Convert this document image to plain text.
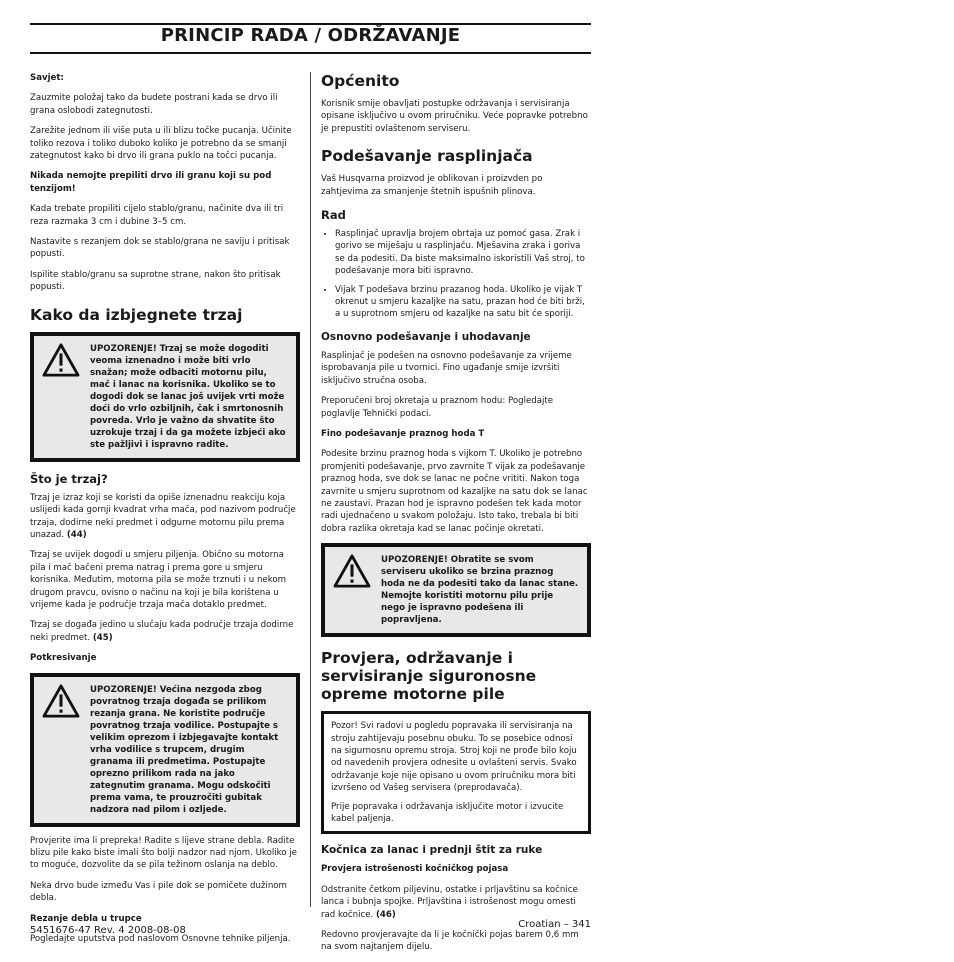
PRINCIP RADA / ODRŽAVANJE

Savjet:

Zauzmite položaj tako da budete postrani kada se drvo ili grana oslobodi zategnutosti.

Zarežite jednom ili više puta u ili blizu točke pucanja. Učinite toliko rezova i toliko duboko koliko je potrebno da se smanji zategnutost kako bi drvo ili grana puklo na točci pucanja.

Nikada nemojte prepiliti drvo ili granu koji su pod tenzijom!

Kada trebate propiliti cijelo stablo/granu, načinite dva ili tri reza razmaka 3 cm i dubine 3–5 cm.

Nastavite s rezanjem dok se stablo/grana ne saviju i pritisak popusti.

Ispilite stablo/granu sa suprotne strane, nakon što pritisak popusti.

Kako da izbjegnete trzaj

UPOZORENJE! Trzaj se može dogoditi veoma iznenadno i može biti vrlo snažan; može odbaciti motornu pilu, mač i lanac na korisnika. Ukoliko se to dogodi dok se lanac još uvijek vrti može doći do vrlo ozbiljnih, čak i smrtonosnih povreda. Vrlo je važno da shvatite što uzrokuje trzaj i da ga možete izbjeći ako ste pažljivi i ispravno radite.

Što je trzaj?

Trzaj je izraz koji se koristi da opiše iznenadnu reakciju koja uslijedi kada gornji kvadrat vrha mača, pod nazivom područje trzaja, dodirne neki predmet i odgurne motornu pilu prema unazad. (44)

Trzaj se uvijek dogodi u smjeru piljenja. Obično su motorna pila i mač bačeni prema natrag i prema gore u smjeru korisnika. Međutim, motorna pila se može trznuti i u nekom drugom pravcu, ovisno o načinu na koji je bila korištena u vrijeme kada je područje trzaja mača dotaklo predmet.

Trzaj se događa jedino u slučaju kada područje trzaja dodirne neki predmet. (45)

Potkresivanje

UPOZORENJE! Većina nezgoda zbog povratnog trzaja događa se prilikom rezanja grana. Ne koristite područje povratnog trzaja vodilice. Postupajte s velikim oprezom i izbjegavajte kontakt vrha vodilice s trupcem, drugim granama ili predmetima. Postupajte oprezno prilikom rada na jako zategnutim granama. Mogu odskočiti prema vama, te prouzročiti gubitak nadzora nad pilom i ozljede.

Provjerite ima li prepreka! Radite s lijeve strane debla. Radite blizu pile kako biste imali što bolji nadzor nad njom. Ukoliko je to moguće, dozvolite da se pila težinom oslanja na deblo.

Neka drvo bude između Vas i pile dok se pomičete dužinom debla.

Rezanje debla u trupce

Pogledajte uputstva pod naslovom Osnovne tehnike piljenja.

Općenito

Korisnik smije obavljati postupke održavanja i servisiranja opisane isključivo u ovom priručniku. Veće popravke potrebno je prepustiti ovlaštenom serviseru.

Podešavanje rasplinjača

Vaš Husqvarna proizvod je oblikovan i proizvden po zahtjevima za smanjenje štetnih ispušnih plinova.

Rad
• Rasplinjač upravlja brojem obrtaja uz pomoć gasa. Zrak i gorivo se miješaju u rasplinjaču. Mješavina zraka i goriva se da podesiti. Da biste maksimalno iskoristili Vaš stroj, to podešavanje mora biti ispravno.
• Vijak T podešava brzinu prazanog hoda. Ukoliko je vijak T okrenut u smjeru kazaljke na satu, prazan hod će biti brži, a u suprotnom smjeru od kazaljke na satu bit će sporiji.
Osnovno podešavanje i uhodavanje

Rasplinjač je podešen na osnovno podešavanje za vrijeme isprobavanja pile u tvornici. Fino ugađanje smije izvršiti isključivo stručna osoba.

Preporučeni broj okretaja u praznom hodu: Pogledajte poglavlje Tehnički podaci.

Fino podešavanje praznog hoda T

Podesite brzinu praznog hoda s vijkom T. Ukoliko je potrebno promjeniti podešavanje, prvo zavrnite T vijak za podešavanje praznog hoda, sve dok se lanac ne počne vrititi. Nakon toga zavrnite u smjeru suprotnom od kazaljke na satu dok se lanac ne zaustavi. Prazan hod je ispravno podešen tek kada motor radi ujednačeno u svakom položaju. Isto tako, trebala bi biti dobra razlika okretaja kad se lanac počinje okretati.

UPOZORENJE! Obratite se svom serviseru ukoliko se brzina praznog hoda ne da podesiti tako da lanac stane. Nemojte koristiti motornu pilu prije nego je ispravno podešena ili popravljena.

Provjera, održavanje i servisiranje siguronosne opreme motorne pile

Pozor! Svi radovi u pogledu popravaka ili servisiranja na stroju zahtijevaju posebnu obuku. To se posebice odnosi na sigurnosnu opremu stroja. Stroj koji ne prođe bilo koju od navedenih provjera odnesite u ovlašteni servis. Svako održavanje koje nije opisano u ovom priručniku mora biti izvršeno od Vašeg servisera (preprodavača).

Prije popravaka i održavanja isključite motor i izvucite kabel paljenja.

Kočnica za lanac i prednji štit za ruke

Provjera istrošenosti kočničkog pojasa

Odstranite četkom piljevinu, ostatke i prljavštinu sa kočnice lanca i bubnja spojke. Prljavština i istrošenost mogu omesti rad kočnice. (46)

Redovno provjeravajte da li je kočnički pojas barem 0,6 mm na svom najtanjem dijelu.

5451676-47 Rev. 4 2008-08-08
Croatian – 341
